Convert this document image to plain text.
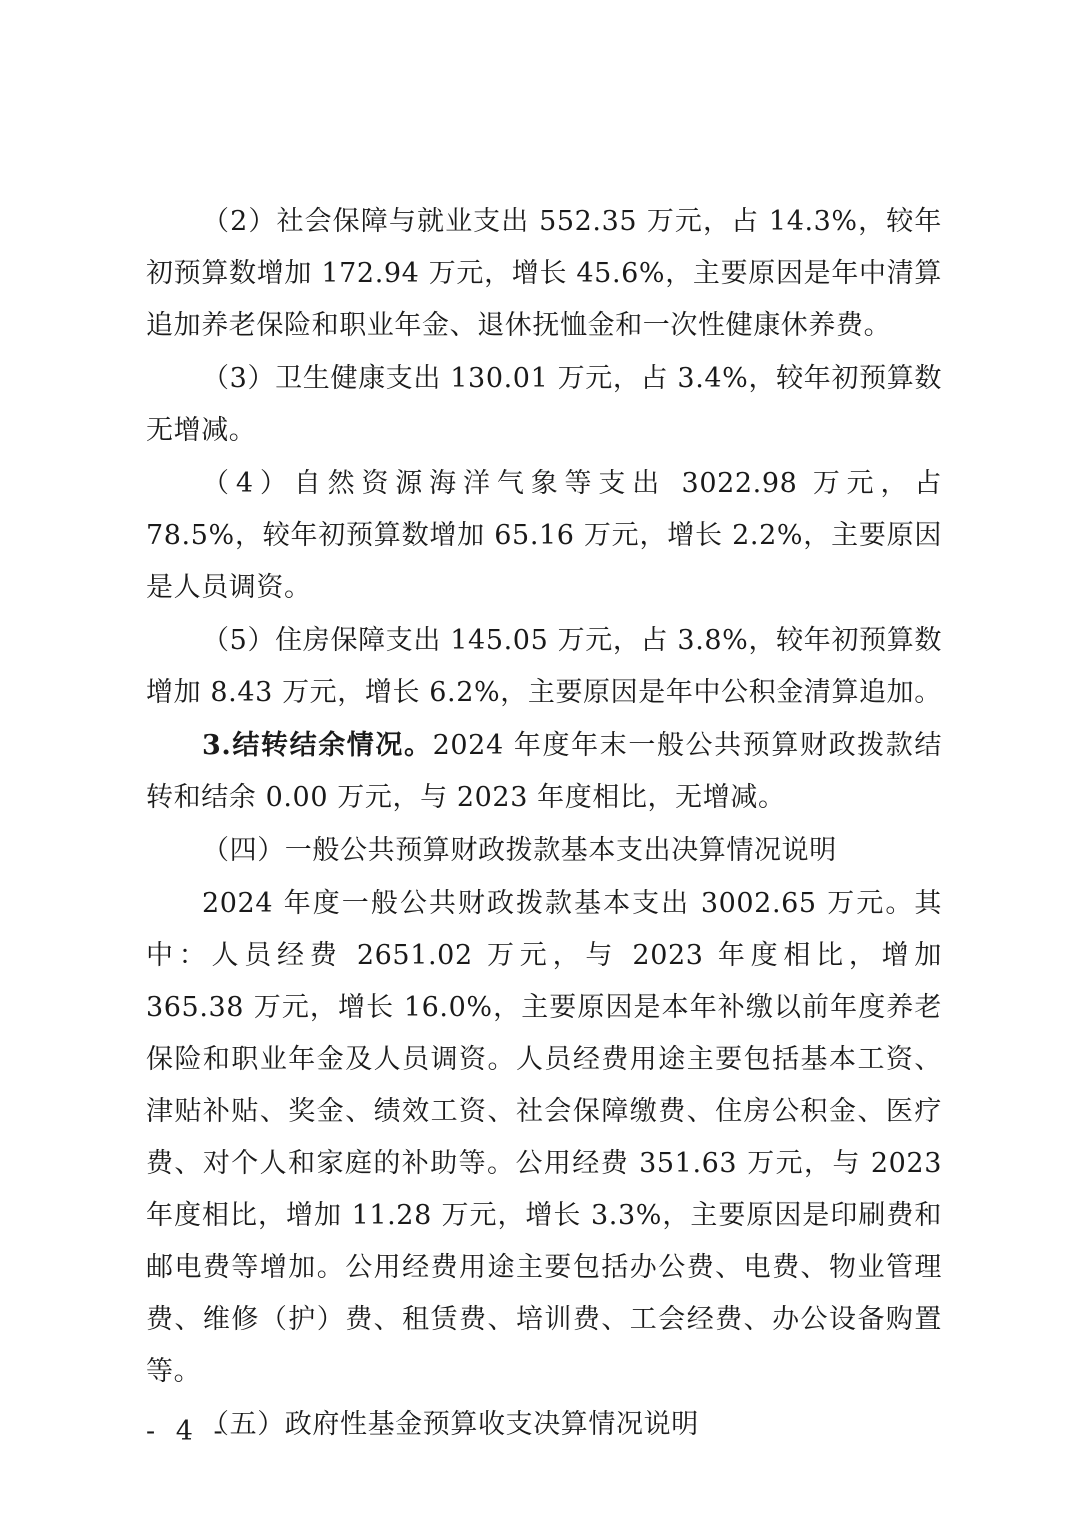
（2）社会保障与就业支出 552.35 万元，占 14.3%，较年初预算数增加 172.94 万元，增长 45.6%，主要原因是年中清算追加养老保险和职业年金、退休抚恤金和一次性健康休养费。

（3）卫生健康支出 130.01 万元，占 3.4%，较年初预算数无增减。

（4）自然资源海洋气象等支出 3022.98 万元，占 78.5%，较年初预算数增加 65.16 万元，增长 2.2%，主要原因是人员调资。

（5）住房保障支出 145.05 万元，占 3.8%，较年初预算数增加 8.43 万元，增长 6.2%，主要原因是年中公积金清算追加。

3.结转结余情况。2024 年度年末一般公共预算财政拨款结转和结余 0.00 万元，与 2023 年度相比，无增减。

（四）一般公共预算财政拨款基本支出决算情况说明

2024 年度一般公共财政拨款基本支出 3002.65 万元。其中：人员经费 2651.02 万元，与 2023 年度相比，增加 365.38 万元，增长 16.0%，主要原因是本年补缴以前年度养老保险和职业年金及人员调资。人员经费用途主要包括基本工资、津贴补贴、奖金、绩效工资、社会保障缴费、住房公积金、医疗费、对个人和家庭的补助等。公用经费 351.63 万元，与 2023 年度相比，增加 11.28 万元，增长 3.3%，主要原因是印刷费和邮电费等增加。公用经费用途主要包括办公费、电费、物业管理费、维修（护）费、租赁费、培训费、工会经费、办公设备购置等。

（五）政府性基金预算收支决算情况说明

- 4 -
